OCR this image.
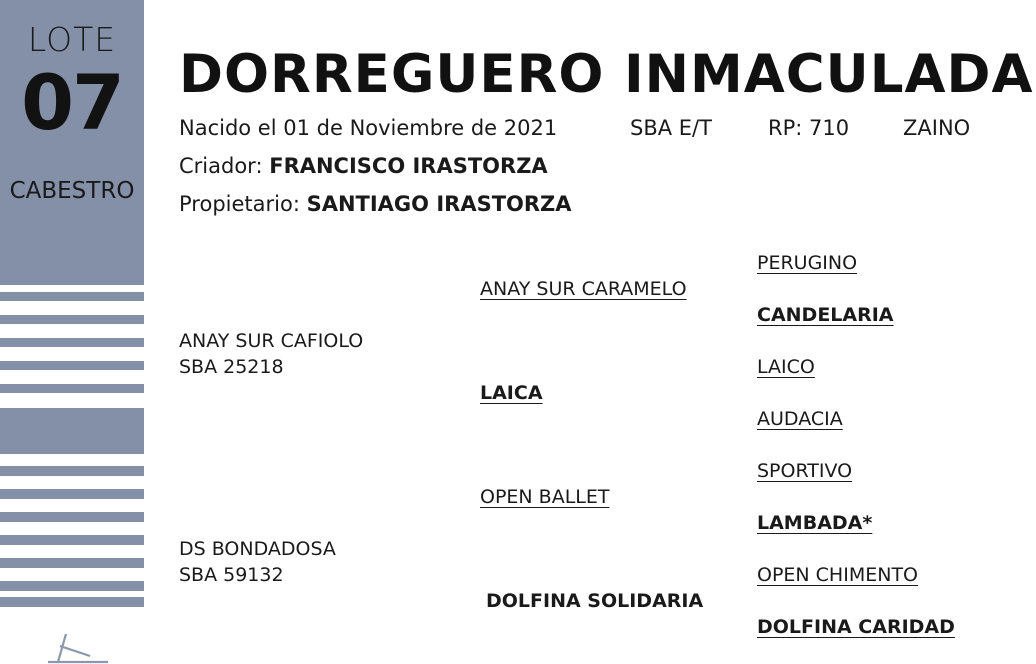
LOTE
07
CABESTRO
DORREGUERO INMACULADA
Nacido el 01 de Noviembre de 2021	SBA E/T	RP: 710	ZAINO
Criador: FRANCISCO IRASTORZA
Propietario: SANTIAGO IRASTORZA
ANAY SUR CAFIOLO
SBA 25218
DS BONDADOSA
SBA 59132
ANAY SUR CARAMELO
LAICA
OPEN BALLET
DOLFINA SOLIDARIA
PERUGINO
CANDELARIA
LAICO
AUDACIA
SPORTIVO
LAMBADA*
OPEN CHIMENTO
DOLFINA CARIDAD
